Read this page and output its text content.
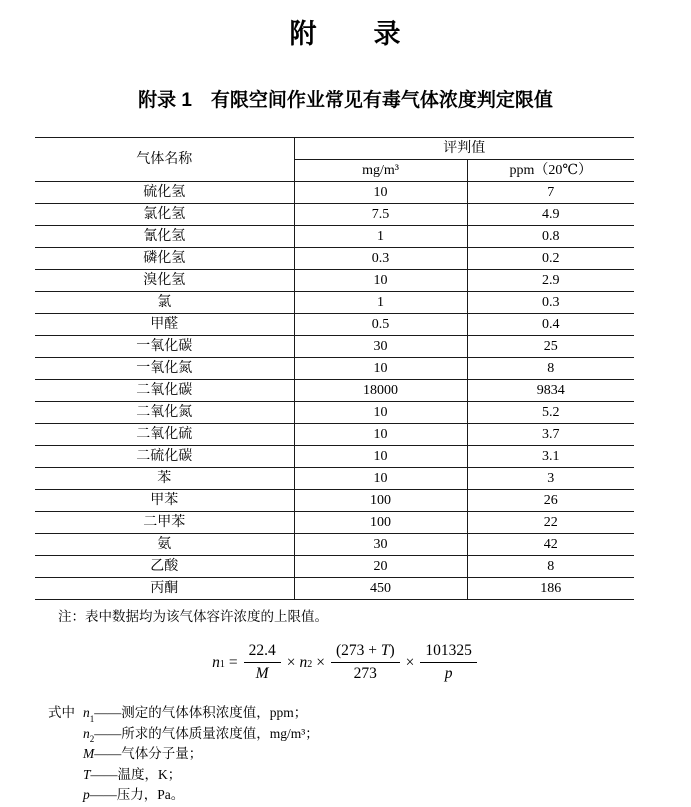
附　　录
附录 1　有限空间作业常见有毒气体浓度判定限值
气体名称	评判值	
	mg/m³	ppm（20℃）
硫化氢	10	7
氯化氢	7.5	4.9
氰化氢	1	0.8
磷化氢	0.3	0.2
溴化氢	10	2.9
氯	1	0.3
甲醛	0.5	0.4
一氧化碳	30	25
一氧化氮	10	8
二氧化碳	18000	9834
二氧化氮	10	5.2
二氧化硫	10	3.7
二硫化碳	10	3.1
苯	10	3
甲苯	100	26
二甲苯	100	22
氨	30	42
乙酸	20	8
丙酮	450	186

注：表中数据均为该气体容许浓度的上限值。

$n_1 = \frac{22.4}{M} \times n_2 \times \frac{(273 + T)}{273} \times \frac{101325}{p}$
式中 $n_1——$测定的气体体积浓度值，ppm；
$n_2——$所求的气体质量浓度值，mg/m³；
M——气体分子量；
T——温度，K；
p——压力，Pa。
